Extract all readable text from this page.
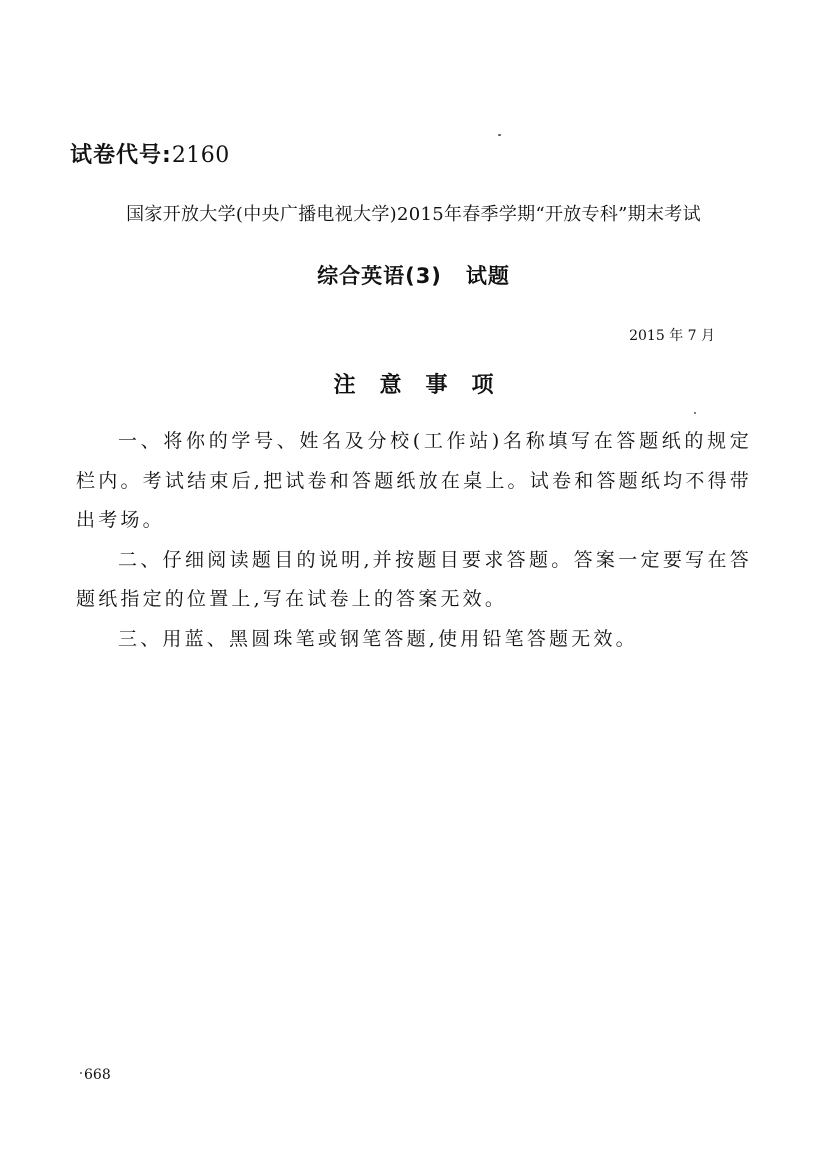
试卷代号:2160
国家开放大学(中央广播电视大学)2015年春季学期“开放专科”期末考试
综合英语(3) 试题
2015 年 7 月
注意事项

一、将你的学号、姓名及分校(工作站)名称填写在答题纸的规定栏内。考试结束后,把试卷和答题纸放在桌上。试卷和答题纸均不得带出考场。

二、仔细阅读题目的说明,并按题目要求答题。答案一定要写在答题纸指定的位置上,写在试卷上的答案无效。

三、用蓝、黑圆珠笔或钢笔答题,使用铅笔答题无效。

668
